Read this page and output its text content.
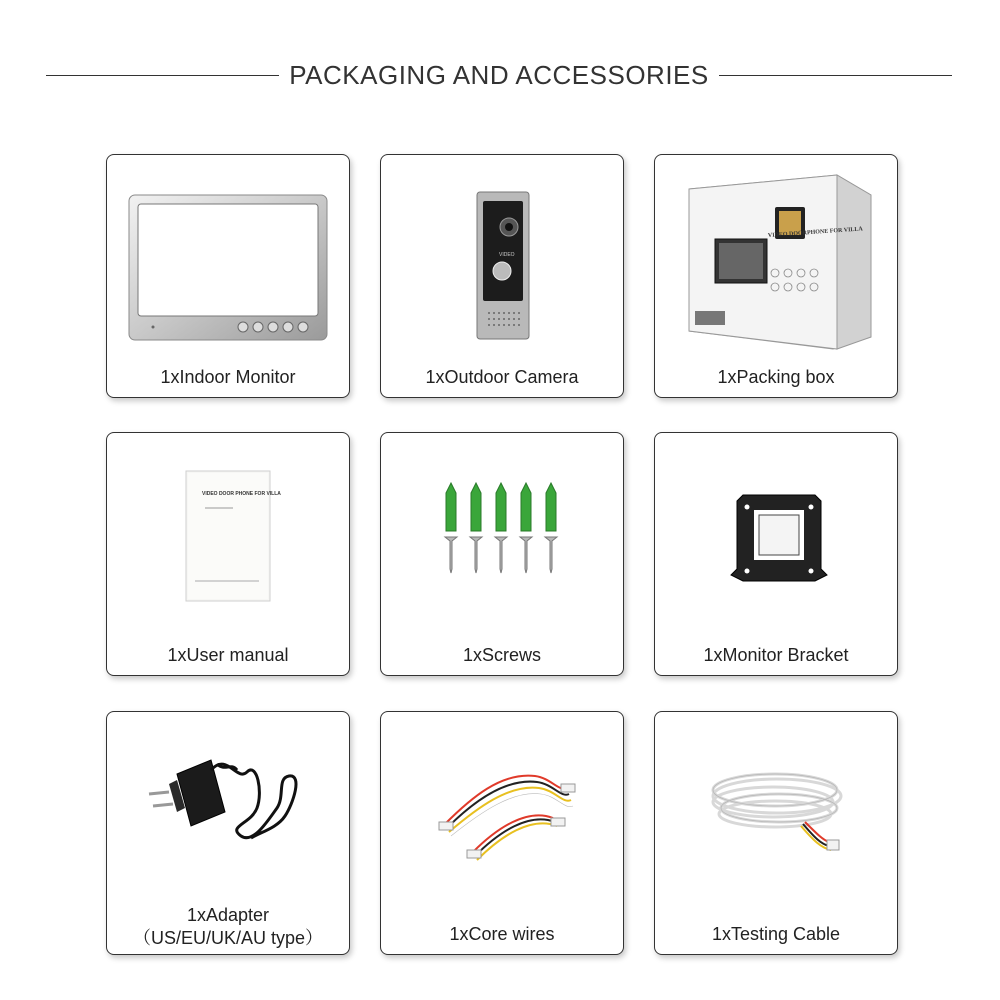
PACKAGING AND ACCESSORIES
1xIndoor Monitor
VIDEO
1xOutdoor Camera
VIDEO DOORPHONE FOR VILLA
1xPacking box
VIDEO DOOR PHONE FOR VILLA
1xUser manual	1xScrews	1xMonitor Bracket
1xAdapter
（US/EU/UK/AU type）	1xCore wires	1xTesting Cable
